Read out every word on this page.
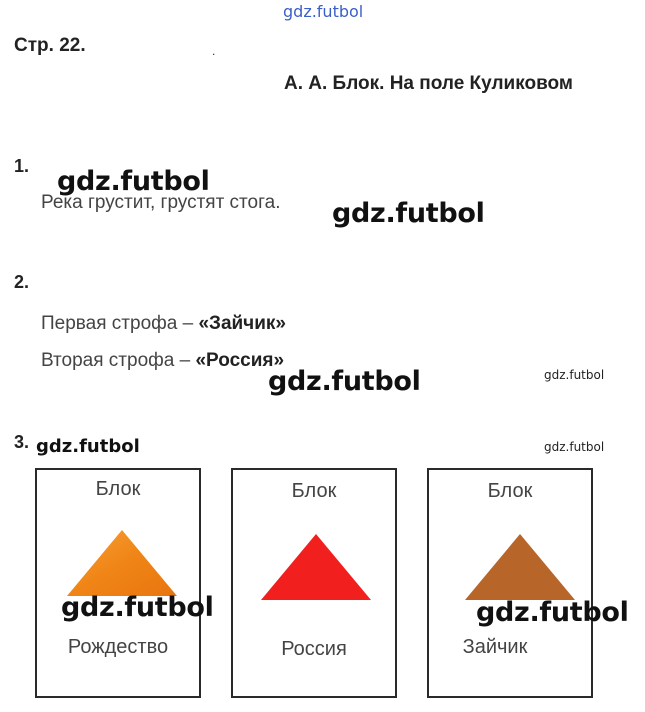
gdz.futbol
Стр. 22.	.
А. А. Блок. На поле Куликовом
1. gdz.futbol
Река грустит, грустят стога. gdz.futbol
2.
Первая строфа – «Зайчик»
Вторая строфа – «Россия»
gdz.futbol	gdz.futbol
3. gdz.futbol	gdz.futbol
Блок
Рождество
Блок
Россия
Блок
Зайчик
gdz.futbol	gdz.futbol
